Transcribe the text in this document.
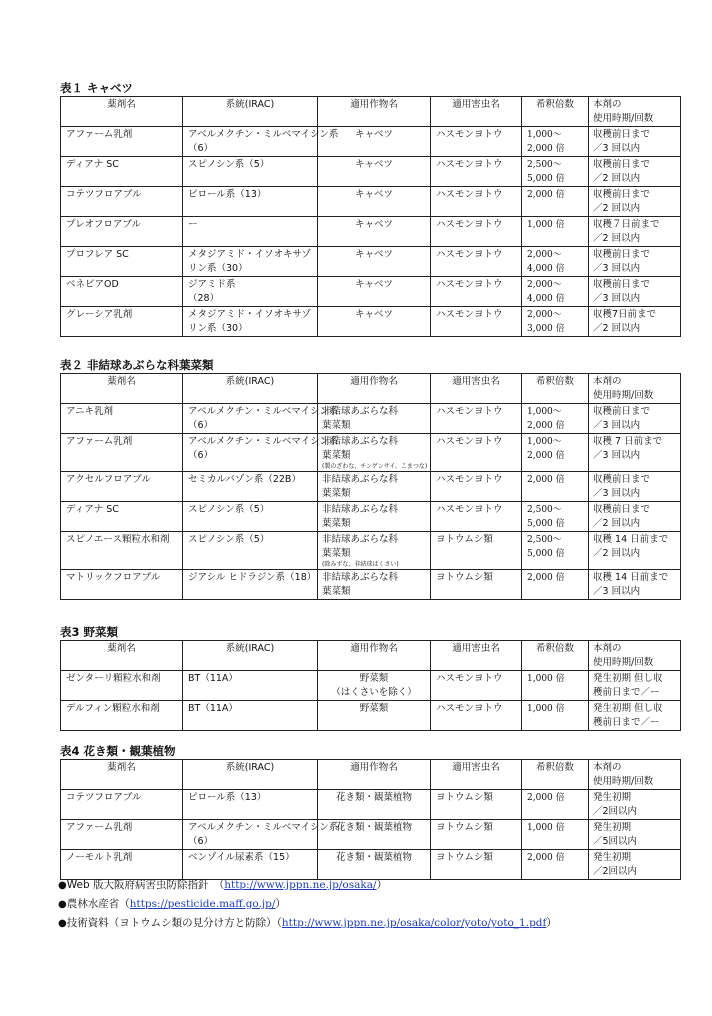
表１ キャベツ
薬剤名	系統(IRAC)	適用作物名	適用害虫名	希釈倍数	本剤の
使用時期/回数

アファーム乳剤	アベルメクチン・ミルベマイシン系
（6）	キャベツ	ハスモンヨトウ	1,000～
2,000 倍	収穫前日まで
／3 回以内

ディアナ SC	スピノシン系（5）	キャベツ	ハスモンヨトウ	2,500～
5,000 倍	収穫前日まで
／2 回以内

コテツフロアブル	ピロール系（13）	キャベツ	ハスモンヨトウ	2,000 倍	収穫前日まで
／2 回以内

プレオフロアブル	ー	キャベツ	ハスモンヨトウ	1,000 倍	収穫７日前まで
／2 回以内

プロフレア SC	メタジアミド・イソオキサゾ
リン系（30）	キャベツ	ハスモンヨトウ	2,000～
4,000 倍	収穫前日まで
／3 回以内

ベネビアOD	ジアミド系
（28）	キャベツ	ハスモンヨトウ	2,000～
4,000 倍	収穫前日まで
／3 回以内

グレーシア乳剤	メタジアミド・イソオキサゾ
リン系（30）	キャベツ	ハスモンヨトウ	2,000～
3,000 倍	収穫7日前まで
／2 回以内
表２ 非結球あぶらな科葉菜類
薬剤名	系統(IRAC)	適用作物名	適用害虫名	希釈倍数	本剤の
使用時期/回数

アニキ乳剤	アベルメクチン・ミルベマイシン系
（6）	非結球あぶらな科
葉菜類	ハスモンヨトウ	1,000～
2,000 倍	収穫前日まで
／3 回以内

アファーム乳剤	アベルメクチン・ミルベマイシン系
（6）	非結球あぶらな科
葉菜類
(製のざわな、チンゲンサイ、こまつな)	ハスモンヨトウ	1,000～
2,000 倍	収穫 7 日前まで
／3 回以内

アクセルフロアブル	セミカルバゾン系（22B）	非結球あぶらな科
葉菜類	ハスモンヨトウ	2,000 倍	収穫前日まで
／3 回以内

ディアナ SC	スピノシン系（5）	非結球あぶらな科
葉菜類	ハスモンヨトウ	2,500～
5,000 倍	収穫前日まで
／2 回以内

スピノエース顆粒水和剤	スピノシン系（5）	非結球あぶらな科
葉菜類
(除みずな、非結球はくさい)	ヨトウムシ類	2,500～
5,000 倍	収穫 14 日前まで
／2 回以内

マトリックフロアブル	ジアシル ヒドラジン系（18）	非結球あぶらな科
葉菜類	ヨトウムシ類	2,000 倍	収穫 14 日前まで
／3 回以内
表3 野菜類
薬剤名	系統(IRAC)	適用作物名	適用害虫名	希釈倍数	本剤の
使用時期/回数

ゼンターリ顆粒水和剤	BT（11A）	野菜類
（はくさいを除く）	ハスモンヨトウ	1,000 倍	発生初期 但し収
穫前日まで／ー

デルフィン顆粒水和剤	BT（11A）	野菜類	ハスモンヨトウ	1,000 倍	発生初期 但し収
穫前日まで／ー
表4 花き類・観葉植物
薬剤名	系統(IRAC)	適用作物名	適用害虫名	希釈倍数	本剤の
使用時期/回数

コテツフロアブル	ピロール系（13）	花き類・観葉植物	ヨトウムシ類	2,000 倍	発生初期
／2回以内

アファーム乳剤	アベルメクチン・ミルベマイシン系
（6）	花き類・観葉植物	ヨトウムシ類	1,000 倍	発生初期
／5回以内

ノーモルト乳剤	ベンゾイル尿素系（15）	花き類・観葉植物	ヨトウムシ類	2,000 倍	発生初期
／2回以内
●Web 版大阪府病害虫防除指針　（http://www.jppn.ne.jp/osaka/）
●農林水産省（https://pesticide.maff.go.jp/）
●技術資料（ヨトウムシ類の見分け方と防除）（http://www.jppn.ne.jp/osaka/color/yoto/yoto_1.pdf）
